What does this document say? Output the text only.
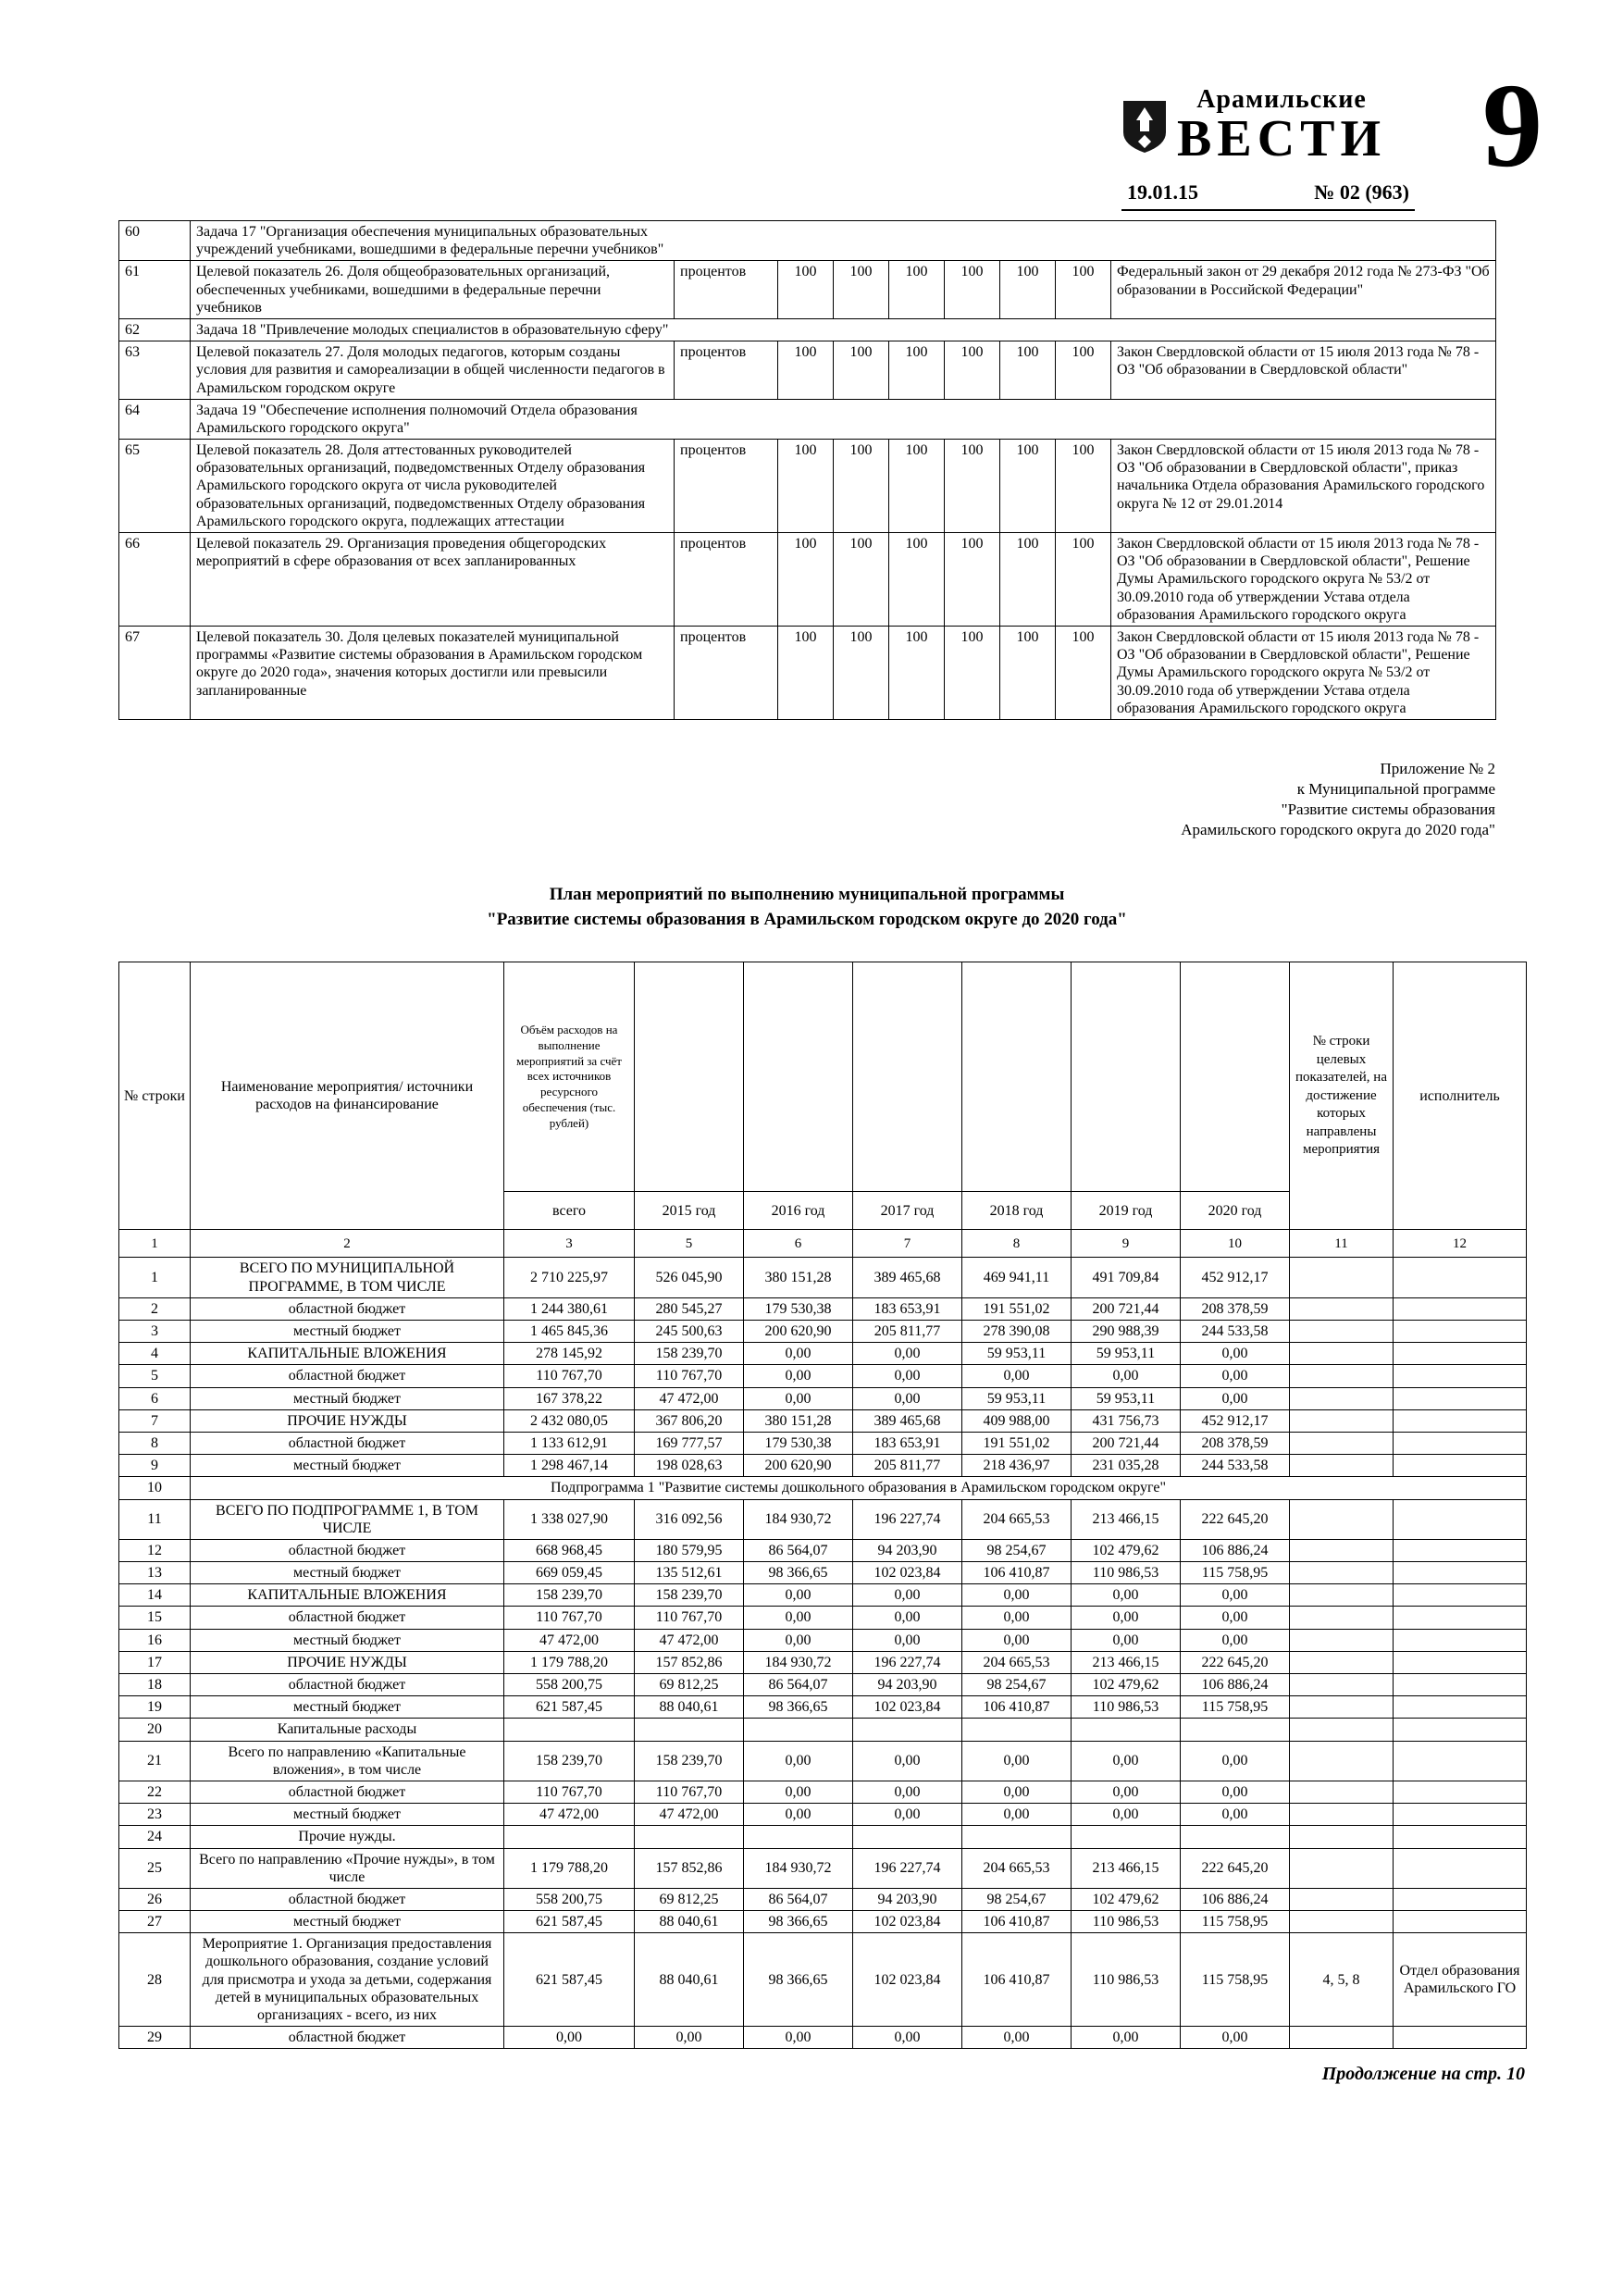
Арамильские
ВЕСТИ 9
19.01.15	№ 02 (963)
60	Задача 17 "Организация обеспечения муниципальных образовательных учреждений учебниками, вошедшими в федеральные перечни учебников"								

61	Целевой показатель 26. Доля общеобразовательных организаций, обеспеченных учебниками, вошедшими в федеральные перечни учебников	процентов	100	100	100	100	100	100	Федеральный закон от 29 декабря 2012 года № 273-ФЗ "Об образовании в Российской Федерации"
62	Задача 18 "Привлечение молодых специалистов в образовательную сферу"								

63	Целевой показатель 27. Доля молодых педагогов, которым созданы условия для развития и самореализации в общей численности педагогов в Арамильском городском округе	процентов	100	100	100	100	100	100	Закон Свердловской области от 15 июля 2013 года № 78 - ОЗ "Об образовании в Свердловской области"
64	Задача 19 "Обеспечение исполнения полномочий Отдела образования Арамильского городского округа"								

65	Целевой показатель 28. Доля аттестованных руководителей образовательных организаций, подведомственных Отделу образования Арамильского городского округа от числа руководителей образовательных организаций, подведомственных Отделу образования Арамильского городского округа, подлежащих аттестации	процентов	100	100	100	100	100	100	Закон Свердловской области от 15 июля 2013 года № 78 - ОЗ "Об образовании в Свердловской области", приказ начальника Отдела образования Арамильского городского округа № 12 от 29.01.2014
66	Целевой показатель 29. Организация проведения общегородских мероприятий в сфере образования от всех запланированных	процентов	100	100	100	100	100	100	Закон Свердловской области от 15 июля 2013 года № 78 - ОЗ "Об образовании в Свердловской области", Решение Думы Арамильского городского округа № 53/2 от 30.09.2010 года об утверждении Устава отдела образования Арамильского городского округа
67	Целевой показатель 30. Доля целевых показателей муниципальной программы «Развитие системы образования в Арамильском городском округе до 2020 года», значения которых достигли или превысили запланированные	процентов	100	100	100	100	100	100	Закон Свердловской области от 15 июля 2013 года № 78 - ОЗ "Об образовании в Свердловской области", Решение Думы Арамильского городского округа № 53/2 от 30.09.2010 года об утверждении Устава отдела образования Арамильского городского округа
Приложение № 2
к Муниципальной программе
"Развитие системы образования
Арамильского городского округа до 2020 года"
План мероприятий по выполнению муниципальной программы
"Развитие системы образования в Арамильском городском округе до 2020 года"
№ строки	Наименование мероприятия/ источники расходов на финансирование	Объём расходов на выполнение мероприятий за счёт всех источников ресурсного обеспечения (тыс. рублей)							№ строки целевых показателей, на достижение которых направлены мероприятия	исполнитель
		всего	2015 год	2016 год	2017 год	2018 год	2019 год	2020 год		
1	2	3	5	6	7	8	9	10	11	12
1	ВСЕГО ПО МУНИЦИПАЛЬНОЙ ПРОГРАММЕ, В ТОМ ЧИСЛЕ	2 710 225,97	526 045,90	380 151,28	389 465,68	469 941,11	491 709,84	452 912,17		
2	областной бюджет	1 244 380,61	280 545,27	179 530,38	183 653,91	191 551,02	200 721,44	208 378,59		
3	местный бюджет	1 465 845,36	245 500,63	200 620,90	205 811,77	278 390,08	290 988,39	244 533,58		
4	КАПИТАЛЬНЫЕ ВЛОЖЕНИЯ	278 145,92	158 239,70	0,00	0,00	59 953,11	59 953,11	0,00		
5	областной бюджет	110 767,70	110 767,70	0,00	0,00	0,00	0,00	0,00		
6	местный бюджет	167 378,22	47 472,00	0,00	0,00	59 953,11	59 953,11	0,00		
7	ПРОЧИЕ НУЖДЫ	2 432 080,05	367 806,20	380 151,28	389 465,68	409 988,00	431 756,73	452 912,17		
8	областной бюджет	1 133 612,91	169 777,57	179 530,38	183 653,91	191 551,02	200 721,44	208 378,59		
9	местный бюджет	1 298 467,14	198 028,63	200 620,90	205 811,77	218 436,97	231 035,28	244 533,58		
10	Подпрограмма 1 "Развитие системы дошкольного образования в Арамильском городском округе"									
11	ВСЕГО ПО ПОДПРОГРАММЕ 1, В ТОМ ЧИСЛЕ	1 338 027,90	316 092,56	184 930,72	196 227,74	204 665,53	213 466,15	222 645,20		
12	областной бюджет	668 968,45	180 579,95	86 564,07	94 203,90	98 254,67	102 479,62	106 886,24		
13	местный бюджет	669 059,45	135 512,61	98 366,65	102 023,84	106 410,87	110 986,53	115 758,95		
14	КАПИТАЛЬНЫЕ ВЛОЖЕНИЯ	158 239,70	158 239,70	0,00	0,00	0,00	0,00	0,00		
15	областной бюджет	110 767,70	110 767,70	0,00	0,00	0,00	0,00	0,00		
16	местный бюджет	47 472,00	47 472,00	0,00	0,00	0,00	0,00	0,00		
17	ПРОЧИЕ НУЖДЫ	1 179 788,20	157 852,86	184 930,72	196 227,74	204 665,53	213 466,15	222 645,20		
18	областной бюджет	558 200,75	69 812,25	86 564,07	94 203,90	98 254,67	102 479,62	106 886,24		
19	местный бюджет	621 587,45	88 040,61	98 366,65	102 023,84	106 410,87	110 986,53	115 758,95		
20	Капитальные расходы									
21	Всего по направлению «Капитальные вложения», в том числе	158 239,70	158 239,70	0,00	0,00	0,00	0,00	0,00		
22	областной бюджет	110 767,70	110 767,70	0,00	0,00	0,00	0,00	0,00		
23	местный бюджет	47 472,00	47 472,00	0,00	0,00	0,00	0,00	0,00		
24	Прочие нужды.									
25	Всего по направлению «Прочие нужды», в том числе	1 179 788,20	157 852,86	184 930,72	196 227,74	204 665,53	213 466,15	222 645,20		
26	областной бюджет	558 200,75	69 812,25	86 564,07	94 203,90	98 254,67	102 479,62	106 886,24		
27	местный бюджет	621 587,45	88 040,61	98 366,65	102 023,84	106 410,87	110 986,53	115 758,95		
28	Мероприятие 1. Организация предоставления дошкольного образования, создание условий для присмотра и ухода за детьми, содержания детей в муниципальных образовательных организациях - всего, из них	621 587,45	88 040,61	98 366,65	102 023,84	106 410,87	110 986,53	115 758,95	4, 5, 8	Отдел образования Арамильского ГО
29	областной бюджет	0,00	0,00	0,00	0,00	0,00	0,00	0,00		
Продолжение на стр. 10
